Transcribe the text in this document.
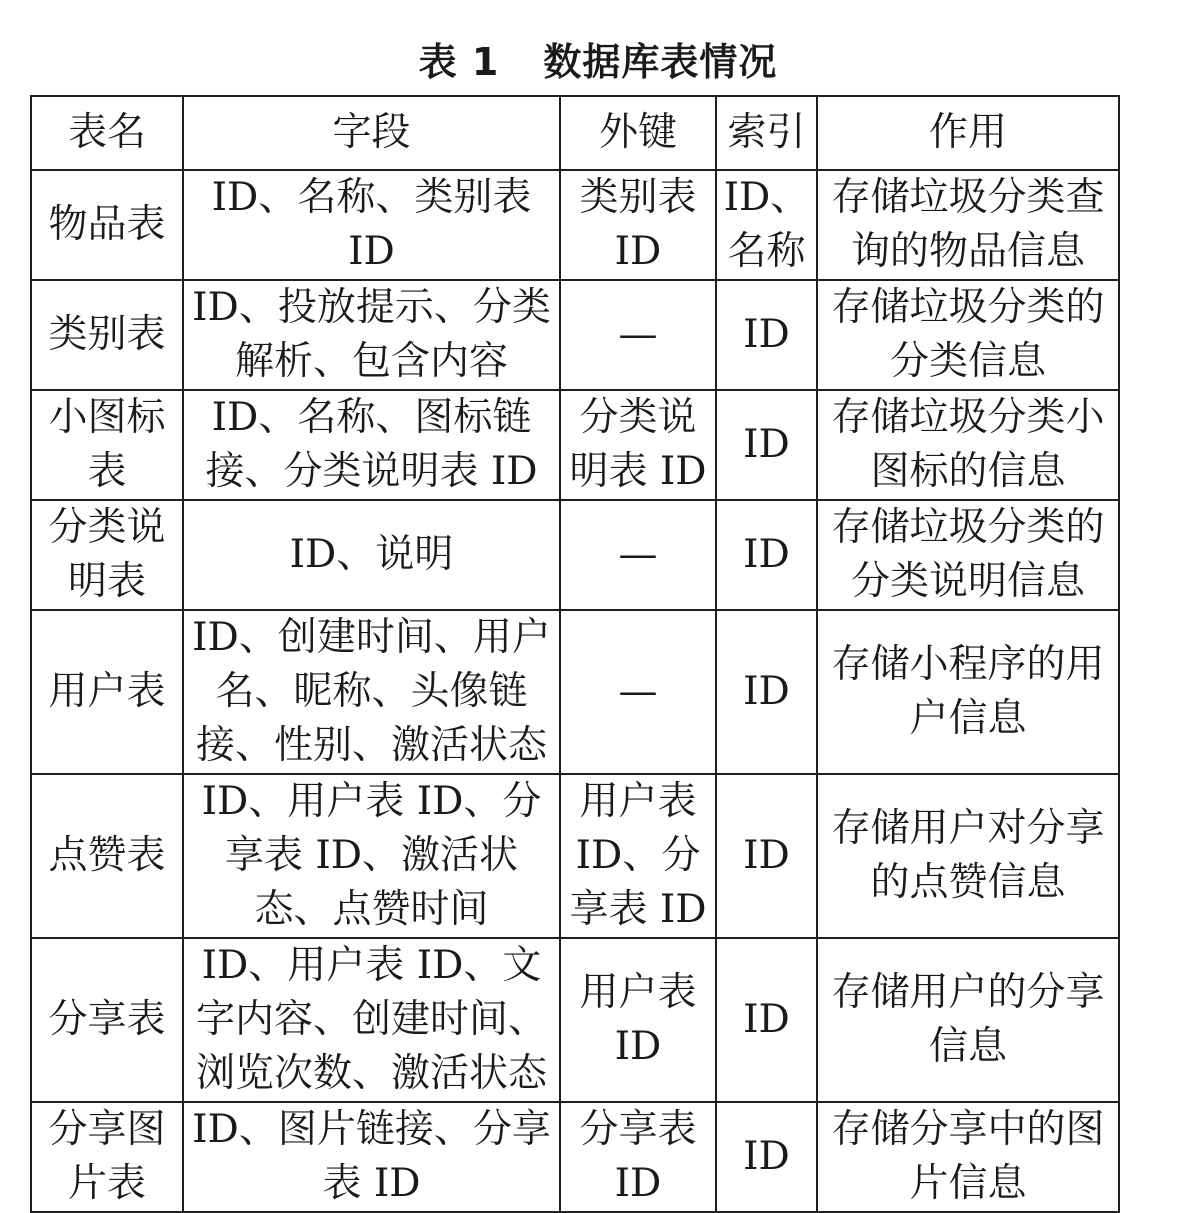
表 1 数据库表情况
表名	字段	外键	索引	作用
物品表	ID、名称、类别表 ID	类别表 ID	ID、名称	存储垃圾分类查询的物品信息
类别表	ID、投放提示、分类解析、包含内容	—	ID	存储垃圾分类的分类信息
小图标表	ID、名称、图标链接、分类说明表 ID	分类说明表 ID	ID	存储垃圾分类小图标的信息
分类说明表	ID、说明	—	ID	存储垃圾分类的分类说明信息
用户表	ID、创建时间、用户名、昵称、头像链接、性别、激活状态	—	ID	存储小程序的用户信息
点赞表	ID、用户表 ID、分享表 ID、激活状态、点赞时间	用户表 ID、分享表 ID	ID	存储用户对分享的点赞信息
分享表	ID、用户表 ID、文字内容、创建时间、浏览次数、激活状态	用户表 ID	ID	存储用户的分享信息
分享图片表	ID、图片链接、分享表 ID	分享表 ID	ID	存储分享中的图片信息
